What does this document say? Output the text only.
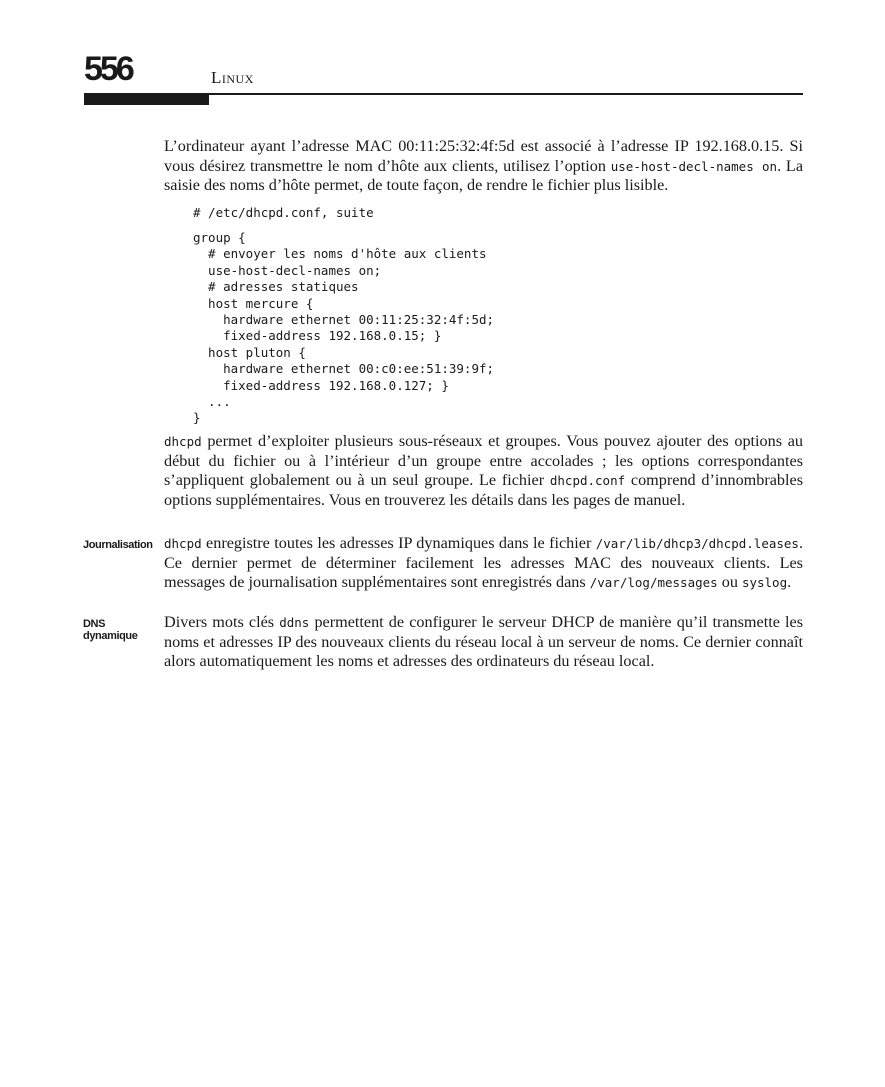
556	Linux

L’ordinateur ayant l’adresse MAC 00:11:25:32:4f:5d est associé à l’adresse IP 192.168.0.15. Si vous désirez transmettre le nom d’hôte aux clients, utilisez l’option use-host-decl-names on. La saisie des noms d’hôte permet, de toute façon, de rendre le fichier plus lisible.

# /etc/dhcpd.conf, suite
group {
# envoyer les noms d'hôte aux clients
use-host-decl-names on;
# adresses statiques
host mercure {
hardware ethernet 00:11:25:32:4f:5d;
fixed-address 192.168.0.15; }
host pluton {
hardware ethernet 00:c0:ee:51:39:9f;
fixed-address 192.168.0.127; }
...
}

dhcpd permet d’exploiter plusieurs sous-réseaux et groupes. Vous pouvez ajouter des options au début du fichier ou à l’intérieur d’un groupe entre accolades ; les options correspondantes s’appliquent globalement ou à un seul groupe. Le fichier dhcpd.conf comprend d’innombrables options supplémentaires. Vous en trouverez les détails dans les pages de manuel.

Journalisation dhcpd enregistre toutes les adresses IP dynamiques dans le fichier /var/lib/dhcp3/dhcpd.leases. Ce dernier permet de déterminer facilement les adresses MAC des nouveaux clients. Les messages de journalisation supplémentaires sont enregistrés dans /var/log/messages ou syslog.

DNS
dynamique

Divers mots clés ddns permettent de configurer le serveur DHCP de manière qu’il transmette les noms et adresses IP des nouveaux clients du réseau local à un serveur de noms. Ce dernier connaît alors automatiquement les noms et adresses des ordinateurs du réseau local.
